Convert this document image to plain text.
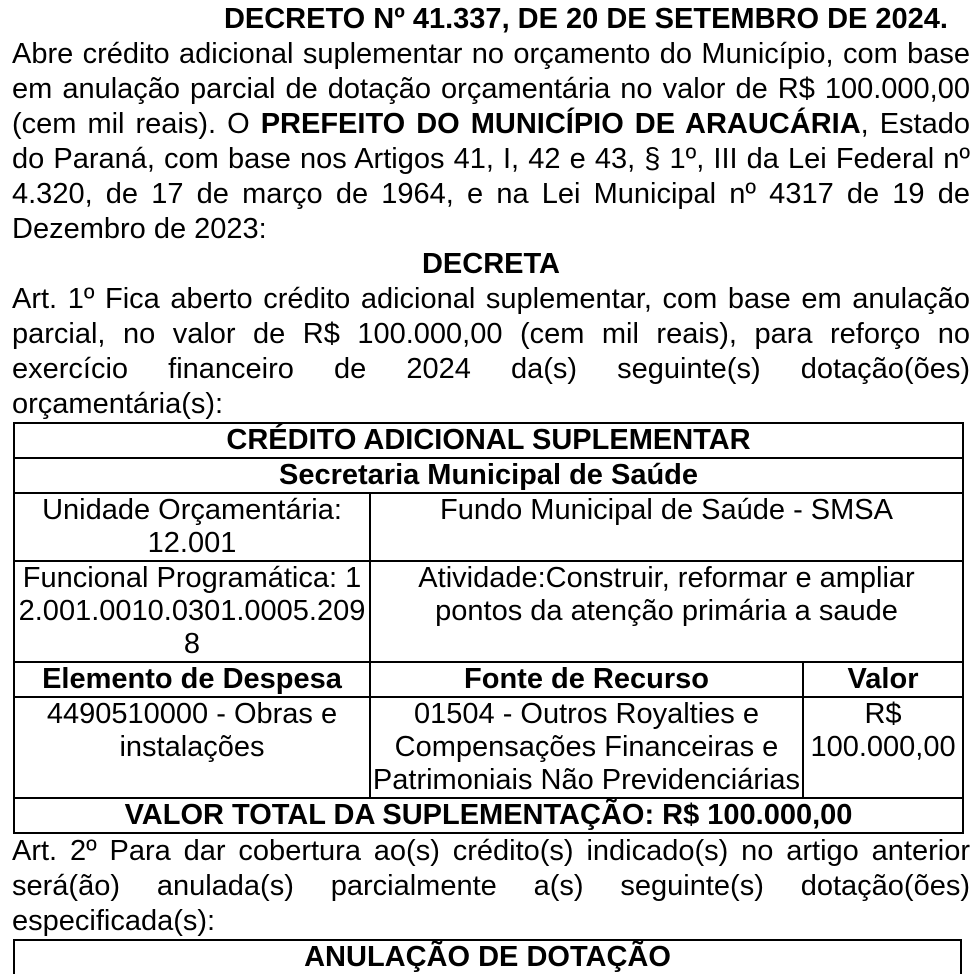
DECRETO Nº 41.337, DE 20 DE SETEMBRO DE 2024.
Abre crédito adicional suplementar no orçamento do Município, com base em anulação parcial de dotação orçamentária no valor de R$ 100.000,00 (cem mil reais). O PREFEITO DO MUNICÍPIO DE ARAUCÁRIA, Estado do Paraná, com base nos Artigos 41, I, 42 e 43, § 1º, III da Lei Federal nº 4.320, de 17 de março de 1964, e na Lei Municipal nº 4317 de 19 de Dezembro de 2023:
DECRETA
Art. 1º Fica aberto crédito adicional suplementar, com base em anulação parcial, no valor de R$ 100.000,00 (cem mil reais), para reforço no exercício financeiro de 2024 da(s) seguinte(s) dotação(ões) orçamentária(s):
CRÉDITO ADICIONAL SUPLEMENTAR		
Secretaria Municipal de Saúde		
Unidade Orçamentária: 12.001	Fundo Municipal de Saúde - SMSA	
Funcional Programática: 12.001.0010.0301.0005.2098	Atividade:Construir, reformar e ampliar pontos da atenção primária a saude	
Elemento de Despesa	Fonte de Recurso	Valor
4490510000 - Obras e instalações	01504 - Outros Royalties e Compensações Financeiras e Patrimoniais Não Previdenciárias	R$ 100.000,00
VALOR TOTAL DA SUPLEMENTAÇÃO: R$ 100.000,00		
Art. 2º Para dar cobertura ao(s) crédito(s) indicado(s) no artigo anterior será(ão) anulada(s) parcialmente a(s) seguinte(s) dotação(ões) especificada(s):
ANULAÇÃO DE DOTAÇÃO
